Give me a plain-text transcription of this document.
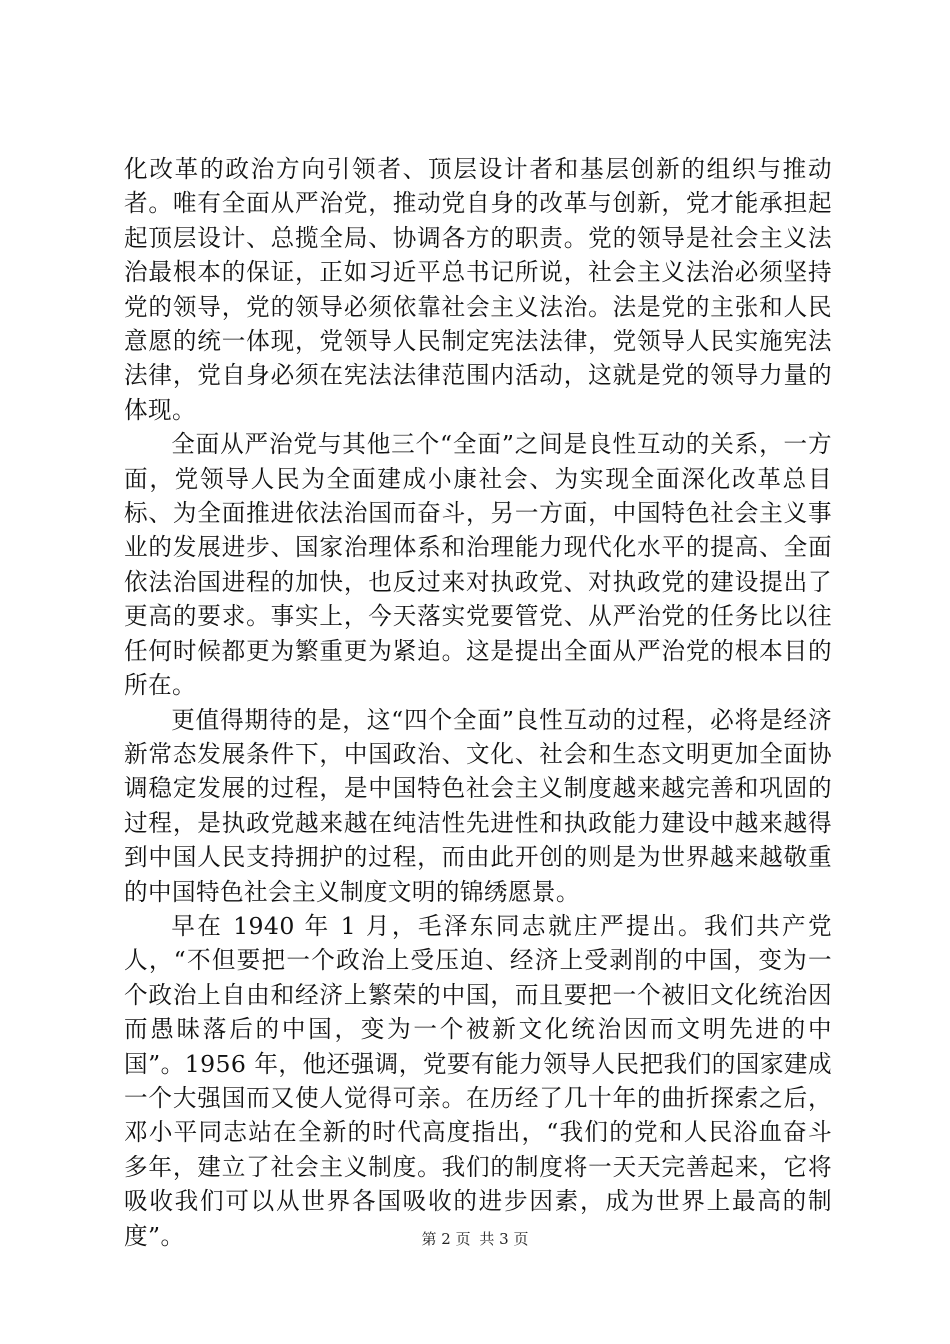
化改革的政治方向引领者、顶层设计者和基层创新的组织与推动者。唯有全面从严治党，推动党自身的改革与创新，党才能承担起起顶层设计、总揽全局、协调各方的职责。党的领导是社会主义法治最根本的保证，正如习近平总书记所说，社会主义法治必须坚持党的领导，党的领导必须依靠社会主义法治。法是党的主张和人民意愿的统一体现，党领导人民制定宪法法律，党领导人民实施宪法法律，党自身必须在宪法法律范围内活动，这就是党的领导力量的体现。

全面从严治党与其他三个“全面”之间是良性互动的关系，一方面，党领导人民为全面建成小康社会、为实现全面深化改革总目标、为全面推进依法治国而奋斗，另一方面，中国特色社会主义事业的发展进步、国家治理体系和治理能力现代化水平的提高、全面依法治国进程的加快，也反过来对执政党、对执政党的建设提出了更高的要求。事实上，今天落实党要管党、从严治党的任务比以往任何时候都更为繁重更为紧迫。这是提出全面从严治党的根本目的所在。

更值得期待的是，这“四个全面”良性互动的过程，必将是经济新常态发展条件下，中国政治、文化、社会和生态文明更加全面协调稳定发展的过程，是中国特色社会主义制度越来越完善和巩固的过程，是执政党越来越在纯洁性先进性和执政能力建设中越来越得到中国人民支持拥护的过程，而由此开创的则是为世界越来越敬重的中国特色社会主义制度文明的锦绣愿景。

早在 1940 年 1 月，毛泽东同志就庄严提出。我们共产党人，“不但要把一个政治上受压迫、经济上受剥削的中国，变为一个政治上自由和经济上繁荣的中国，而且要把一个被旧文化统治因而愚昧落后的中国，变为一个被新文化统治因而文明先进的中国”。1956 年，他还强调，党要有能力领导人民把我们的国家建成一个大强国而又使人觉得可亲。在历经了几十年的曲折探索之后，邓小平同志站在全新的时代高度指出，“我们的党和人民浴血奋斗多年，建立了社会主义制度。我们的制度将一天天完善起来，它将吸收我们可以从世界各国吸收的进步因素，成为世界上最高的制度”。	第 2 页 共 3 页
